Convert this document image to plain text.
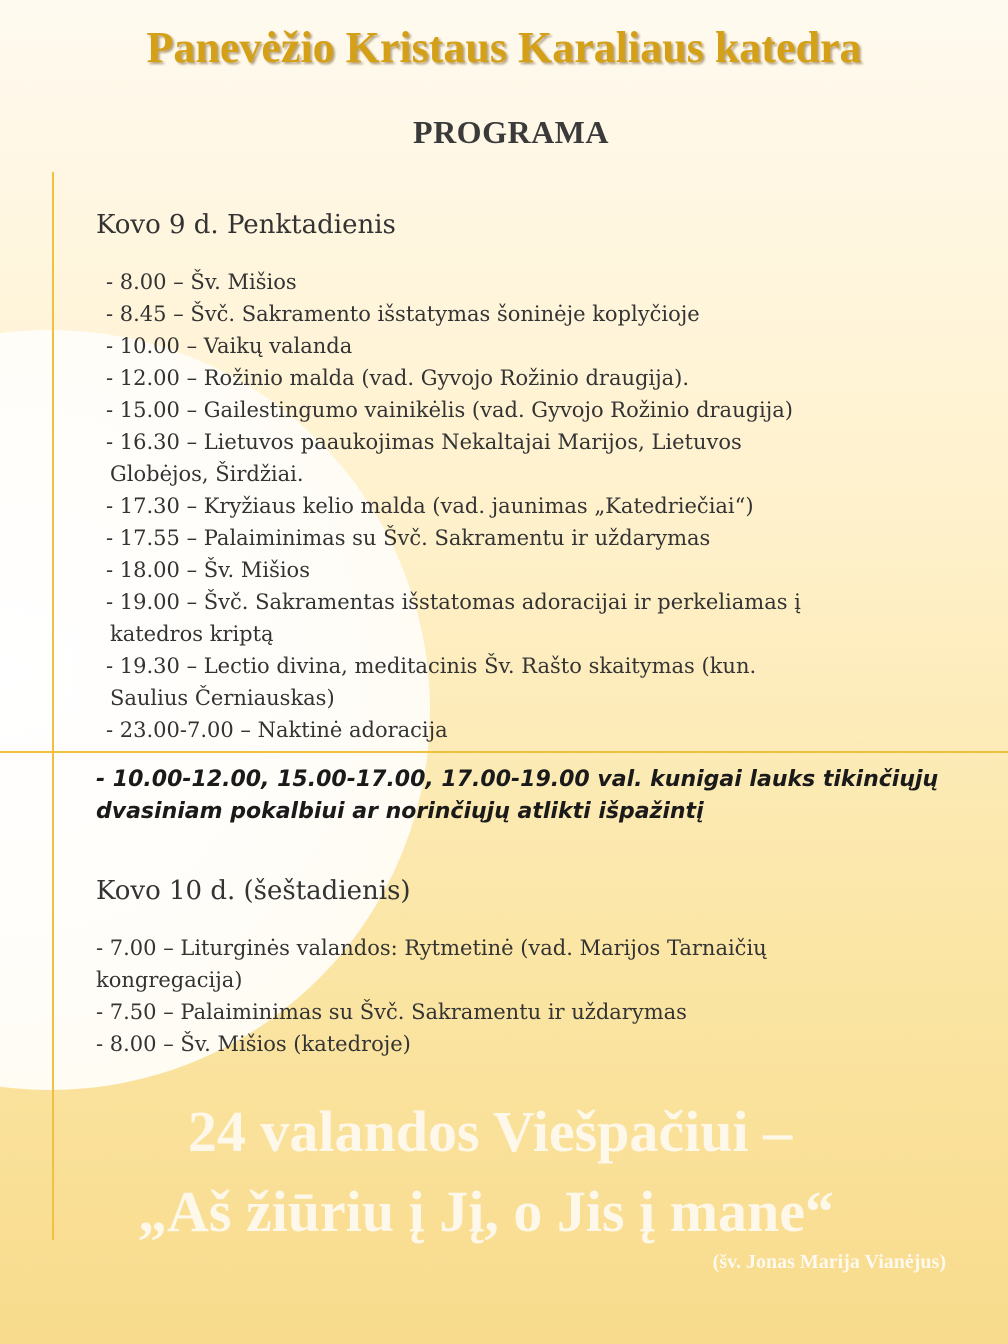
Panevėžio Kristaus Karaliaus katedra
PROGRAMA
Kovo 9 d. Penktadienis
- 8.00 – Šv. Mišios
- 8.45 – Švč. Sakramento išstatymas šoninėje koplyčioje
- 10.00 – Vaikų valanda
- 12.00 – Rožinio malda (vad. Gyvojo Rožinio draugija).
- 15.00 – Gailestingumo vainikėlis (vad. Gyvojo Rožinio draugija)
- 16.30 – Lietuvos paaukojimas Nekaltajai Marijos, Lietuvos
Globėjos, Širdžiai.
- 17.30 – Kryžiaus kelio malda (vad. jaunimas „Katedriečiai“)
- 17.55 – Palaiminimas su Švč. Sakramentu ir uždarymas
- 18.00 – Šv. Mišios
- 19.00 – Švč. Sakramentas išstatomas adoracijai ir perkeliamas į
katedros kriptą
- 19.30 – Lectio divina, meditacinis Šv. Rašto skaitymas (kun.
Saulius Černiauskas)
- 23.00-7.00 – Naktinė adoracija

- 10.00-12.00, 15.00-17.00, 17.00-19.00 val. kunigai lauks tikinčiųjų dvasiniam pokalbiui ar norinčiųjų atlikti išpažintį

Kovo 10 d. (šeštadienis)
- 7.00 – Liturginės valandos: Rytmetinė (vad. Marijos Tarnaičių
kongregacija)
- 7.50 – Palaiminimas su Švč. Sakramentu ir uždarymas
- 8.00 – Šv. Mišios (katedroje)

24 valandos Viešpačiui –

„Aš žiūriu į Jį, o Jis į mane“

(šv. Jonas Marija Vianėjus)
